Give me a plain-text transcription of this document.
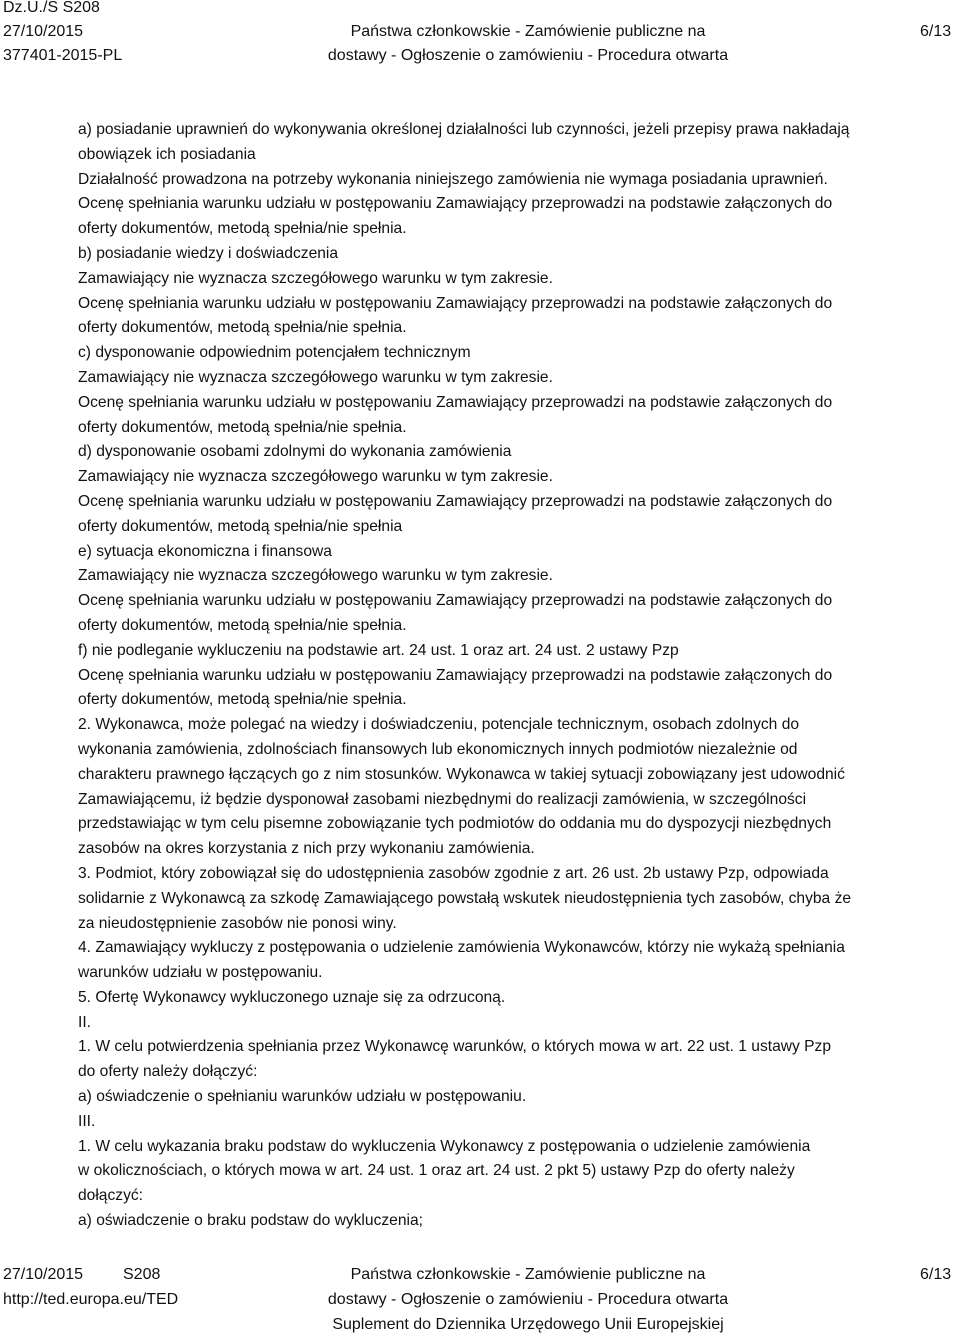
Dz.U./S S208
27/10/2015
377401-2015-PL
Państwa członkowskie - Zamówienie publiczne na
dostawy - Ogłoszenie o zamówieniu - Procedura otwarta
6/13

a) posiadanie uprawnień do wykonywania określonej działalności lub czynności, jeżeli przepisy prawa nakładają

obowiązek ich posiadania

Działalność prowadzona na potrzeby wykonania niniejszego zamówienia nie wymaga posiadania uprawnień.

Ocenę spełniania warunku udziału w postępowaniu Zamawiający przeprowadzi na podstawie załączonych do

oferty dokumentów, metodą spełnia/nie spełnia.

b) posiadanie wiedzy i doświadczenia

Zamawiający nie wyznacza szczegółowego warunku w tym zakresie.

Ocenę spełniania warunku udziału w postępowaniu Zamawiający przeprowadzi na podstawie załączonych do

oferty dokumentów, metodą spełnia/nie spełnia.

c) dysponowanie odpowiednim potencjałem technicznym

Zamawiający nie wyznacza szczegółowego warunku w tym zakresie.

Ocenę spełniania warunku udziału w postępowaniu Zamawiający przeprowadzi na podstawie załączonych do

oferty dokumentów, metodą spełnia/nie spełnia.

d) dysponowanie osobami zdolnymi do wykonania zamówienia

Zamawiający nie wyznacza szczegółowego warunku w tym zakresie.

Ocenę spełniania warunku udziału w postępowaniu Zamawiający przeprowadzi na podstawie załączonych do

oferty dokumentów, metodą spełnia/nie spełnia

e) sytuacja ekonomiczna i finansowa

Zamawiający nie wyznacza szczegółowego warunku w tym zakresie.

Ocenę spełniania warunku udziału w postępowaniu Zamawiający przeprowadzi na podstawie załączonych do

oferty dokumentów, metodą spełnia/nie spełnia.

f) nie podleganie wykluczeniu na podstawie art. 24 ust. 1 oraz art. 24 ust. 2 ustawy Pzp

Ocenę spełniania warunku udziału w postępowaniu Zamawiający przeprowadzi na podstawie załączonych do

oferty dokumentów, metodą spełnia/nie spełnia.

2. Wykonawca, może polegać na wiedzy i doświadczeniu, potencjale technicznym, osobach zdolnych do

wykonania zamówienia, zdolnościach finansowych lub ekonomicznych innych podmiotów niezależnie od

charakteru prawnego łączących go z nim stosunków. Wykonawca w takiej sytuacji zobowiązany jest udowodnić

Zamawiającemu, iż będzie dysponował zasobami niezbędnymi do realizacji zamówienia, w szczególności

przedstawiając w tym celu pisemne zobowiązanie tych podmiotów do oddania mu do dyspozycji niezbędnych

zasobów na okres korzystania z nich przy wykonaniu zamówienia.

3. Podmiot, który zobowiązał się do udostępnienia zasobów zgodnie z art. 26 ust. 2b ustawy Pzp, odpowiada

solidarnie z Wykonawcą za szkodę Zamawiającego powstałą wskutek nieudostępnienia tych zasobów, chyba że

za nieudostępnienie zasobów nie ponosi winy.

4. Zamawiający wykluczy z postępowania o udzielenie zamówienia Wykonawców, którzy nie wykażą spełniania

warunków udziału w postępowaniu.

5. Ofertę Wykonawcy wykluczonego uznaje się za odrzuconą.

II.

1. W celu potwierdzenia spełniania przez Wykonawcę warunków, o których mowa w art. 22 ust. 1 ustawy Pzp

do oferty należy dołączyć:

a) oświadczenie o spełnianiu warunków udziału w postępowaniu.

III.

1. W celu wykazania braku podstaw do wykluczenia Wykonawcy z postępowania o udzielenie zamówienia

w okolicznościach, o których mowa w art. 24 ust. 1 oraz art. 24 ust. 2 pkt 5) ustawy Pzp do oferty należy

dołączyć:

a) oświadczenie o braku podstaw do wykluczenia;

27/10/2015 S208
http://ted.europa.eu/TED
Państwa członkowskie - Zamówienie publiczne na
dostawy - Ogłoszenie o zamówieniu - Procedura otwarta
Suplement do Dziennika Urzędowego Unii Europejskiej
6/13
